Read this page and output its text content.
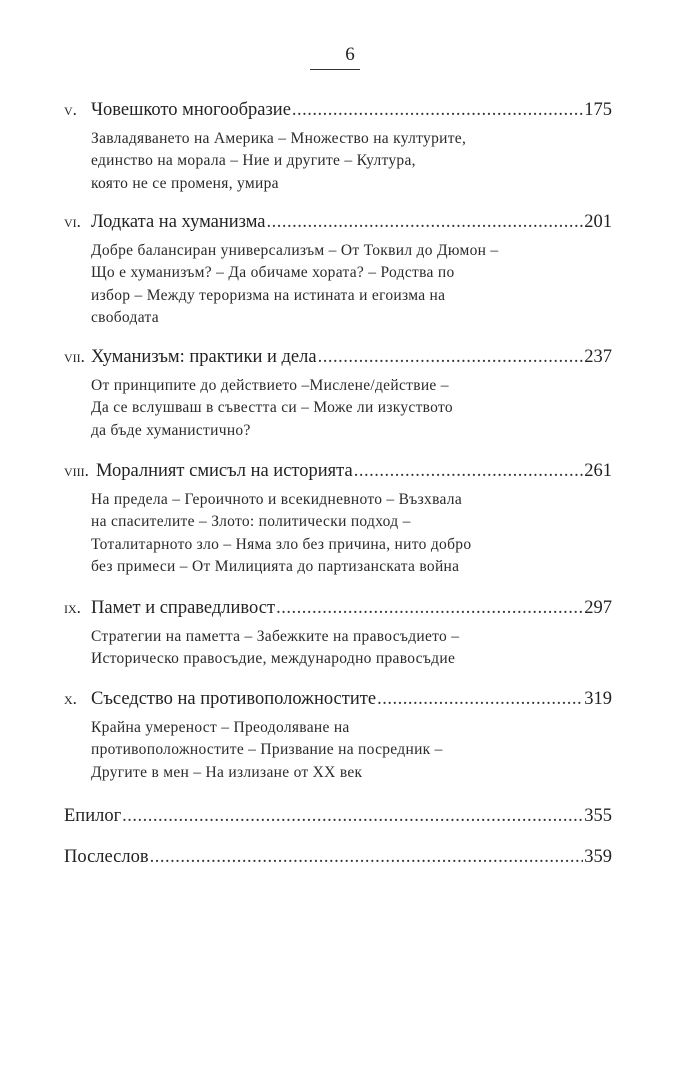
6
v. Човешкото многообразие .....	175
Завладяването на Америка – Множество на културите,
единство на морала – Ние и другите – Култура,
която не се променя, умира
vi. Лодката на хуманизма .....	201
Добре балансиран универсализъм – От Токвил до Дюмон –
Що е хуманизъм? – Да обичаме хората? – Родства по
избор – Между тероризма на истината и егоизма на
свободата
vii. Хуманизъм: практики и дела .....	237
От принципите до действието –Мислене/действие –
Да се вслушваш в съвестта си – Може ли изкуството
да бъде хуманистично?
viii. Моралният смисъл на историята .....	261
На предела – Героичното и всекидневното – Възхвала
на спасителите – Злото: политически подход –
Тоталитарното зло – Няма зло без причина, нито добро
без примеси – От Милицията до партизанската война
ix. Памет и справедливост .....	297
Стратегии на паметта – Забежките на правосъдието –
Историческо правосъдие, международно правосъдие
x. Съседство на противоположностите .....	319
Крайна умереност – Преодоляване на
противоположностите – Призвание на посредник –
Другите в мен – На излизане от XX век
Епилог .....	355
Послеслов .....	359
